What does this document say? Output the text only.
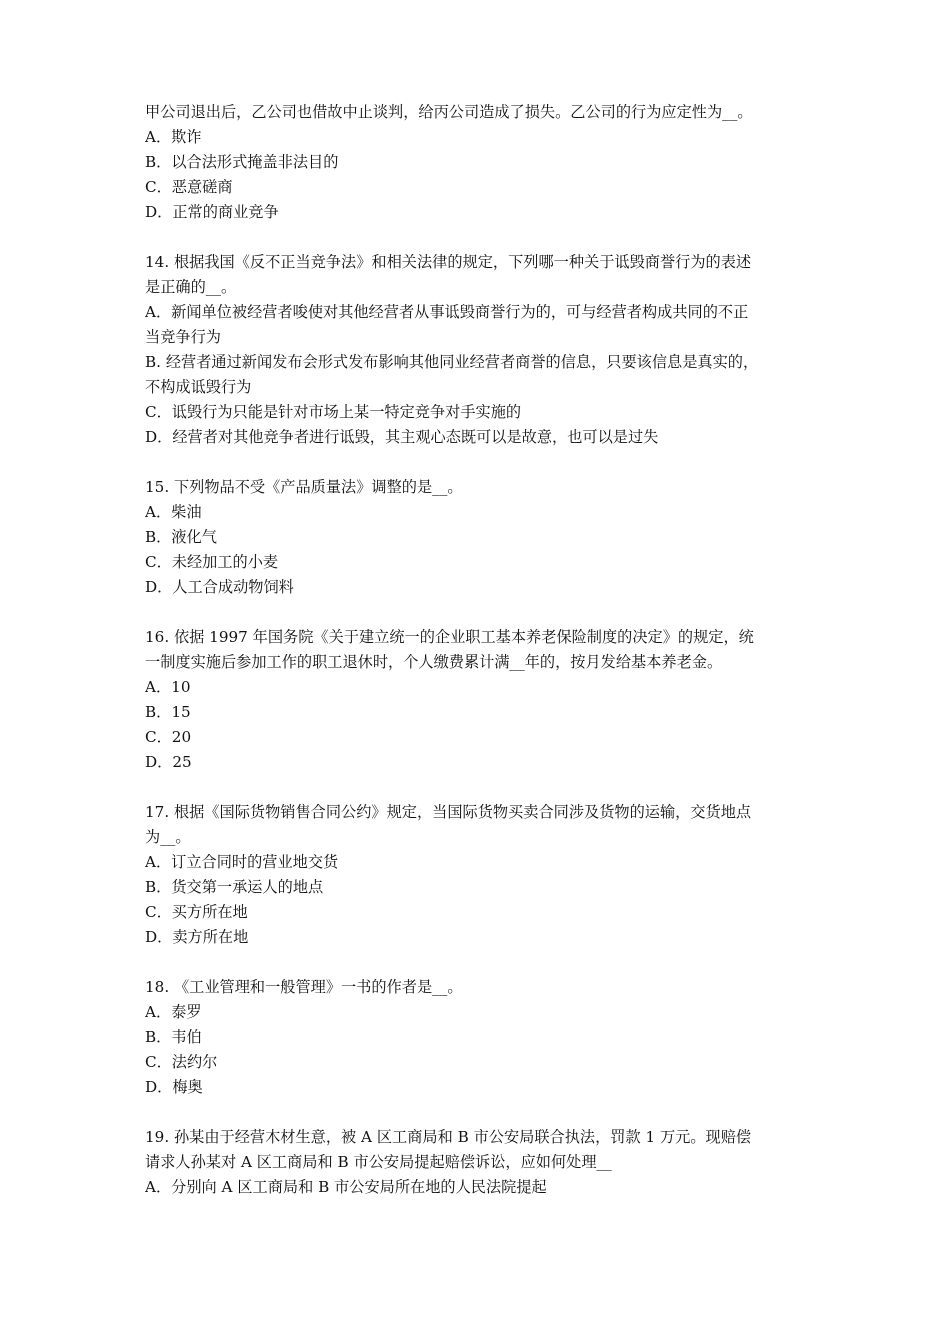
甲公司退出后，乙公司也借故中止谈判，给丙公司造成了损失。乙公司的行为应定性为__。
A．欺诈
B．以合法形式掩盖非法目的
C．恶意磋商
D．正常的商业竞争
14. 根据我国《反不正当竞争法》和相关法律的规定，下列哪一种关于诋毁商誉行为的表述
是正确的__。
A．新闻单位被经营者唆使对其他经营者从事诋毁商誉行为的，可与经营者构成共同的不正
当竞争行为
B. 经营者通过新闻发布会形式发布影响其他同业经营者商誉的信息，只要该信息是真实的，
不构成诋毁行为
C．诋毁行为只能是针对市场上某一特定竞争对手实施的
D．经营者对其他竞争者进行诋毁，其主观心态既可以是故意，也可以是过失
15. 下列物品不受《产品质量法》调整的是__。
A．柴油
B．液化气
C．未经加工的小麦
D．人工合成动物饲料
16. 依据 1997 年国务院《关于建立统一的企业职工基本养老保险制度的决定》的规定，统
一制度实施后参加工作的职工退休时，个人缴费累计满__年的，按月发给基本养老金。
A．10
B．15
C．20
D．25
17. 根据《国际货物销售合同公约》规定，当国际货物买卖合同涉及货物的运输，交货地点
为__。
A．订立合同时的营业地交货
B．货交第一承运人的地点
C．买方所在地
D．卖方所在地
18. 《工业管理和一般管理》一书的作者是__。
A．泰罗
B．韦伯
C．法约尔
D．梅奥
19. 孙某由于经营木材生意，被 A 区工商局和 B 市公安局联合执法，罚款 1 万元。现赔偿
请求人孙某对 A 区工商局和 B 市公安局提起赔偿诉讼，应如何处理__
A．分别向 A 区工商局和 B 市公安局所在地的人民法院提起
